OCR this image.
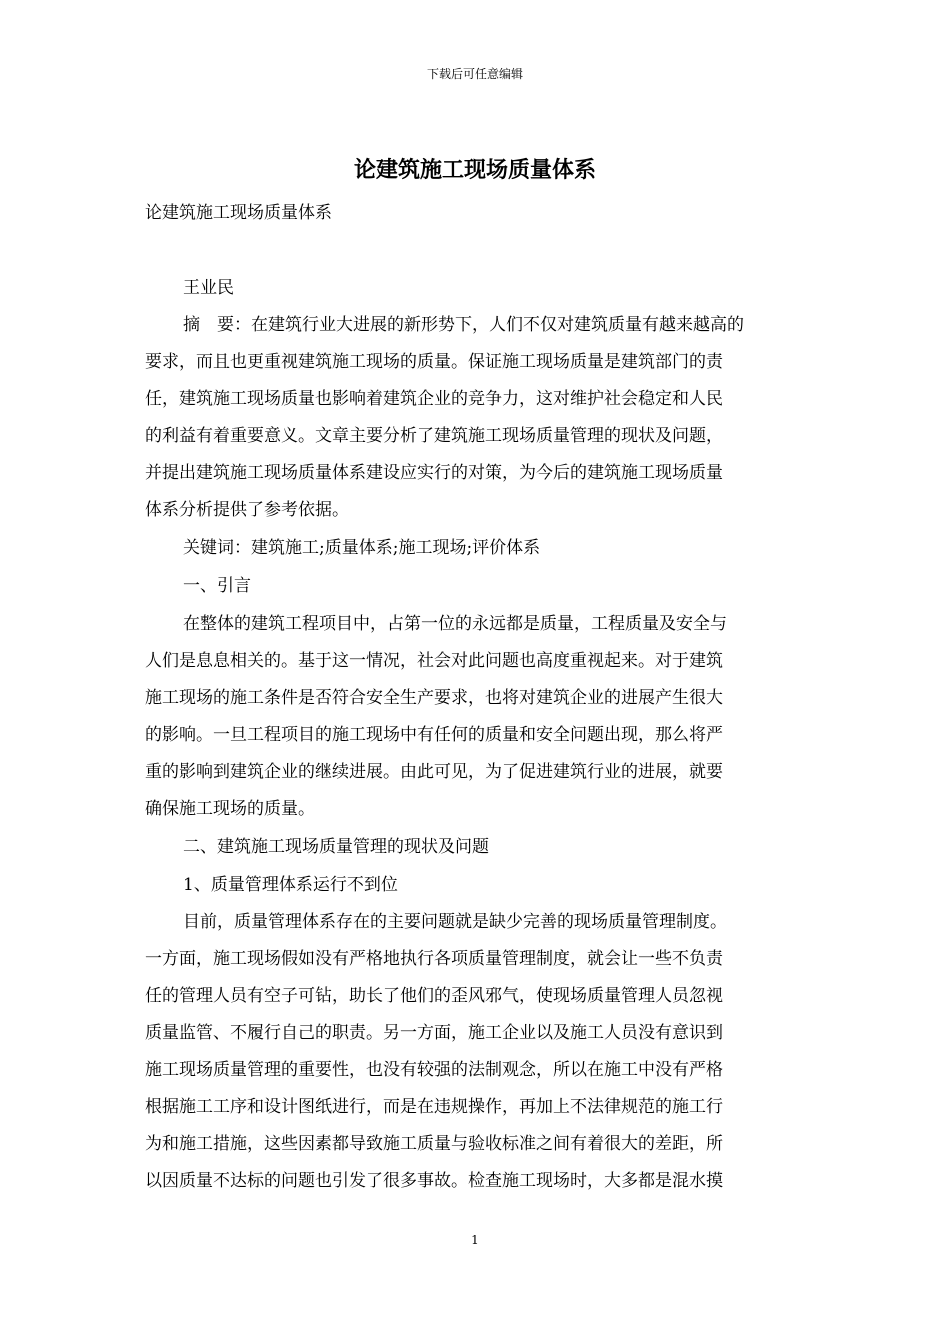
下载后可任意编辑
论建筑施工现场质量体系
论建筑施工现场质量体系
王业民
摘　要：在建筑行业大进展的新形势下，人们不仅对建筑质量有越来越高的
要求，而且也更重视建筑施工现场的质量。保证施工现场质量是建筑部门的责
任，建筑施工现场质量也影响着建筑企业的竞争力，这对维护社会稳定和人民
的利益有着重要意义。文章主要分析了建筑施工现场质量管理的现状及问题，
并提出建筑施工现场质量体系建设应实行的对策，为今后的建筑施工现场质量
体系分析提供了参考依据。
关键词：建筑施工;质量体系;施工现场;评价体系
一、引言
在整体的建筑工程项目中，占第一位的永远都是质量，工程质量及安全与
人们是息息相关的。基于这一情况，社会对此问题也高度重视起来。对于建筑
施工现场的施工条件是否符合安全生产要求，也将对建筑企业的进展产生很大
的影响。一旦工程项目的施工现场中有任何的质量和安全问题出现，那么将严
重的影响到建筑企业的继续进展。由此可见，为了促进建筑行业的进展，就要
确保施工现场的质量。
二、建筑施工现场质量管理的现状及问题
1、质量管理体系运行不到位
目前，质量管理体系存在的主要问题就是缺少完善的现场质量管理制度。
一方面，施工现场假如没有严格地执行各项质量管理制度，就会让一些不负责
任的管理人员有空子可钻，助长了他们的歪风邪气，使现场质量管理人员忽视
质量监管、不履行自己的职责。另一方面，施工企业以及施工人员没有意识到
施工现场质量管理的重要性，也没有较强的法制观念，所以在施工中没有严格
根据施工工序和设计图纸进行，而是在违规操作，再加上不法律规范的施工行
为和施工措施，这些因素都导致施工质量与验收标准之间有着很大的差距，所
以因质量不达标的问题也引发了很多事故。检查施工现场时，大多都是混水摸
1
